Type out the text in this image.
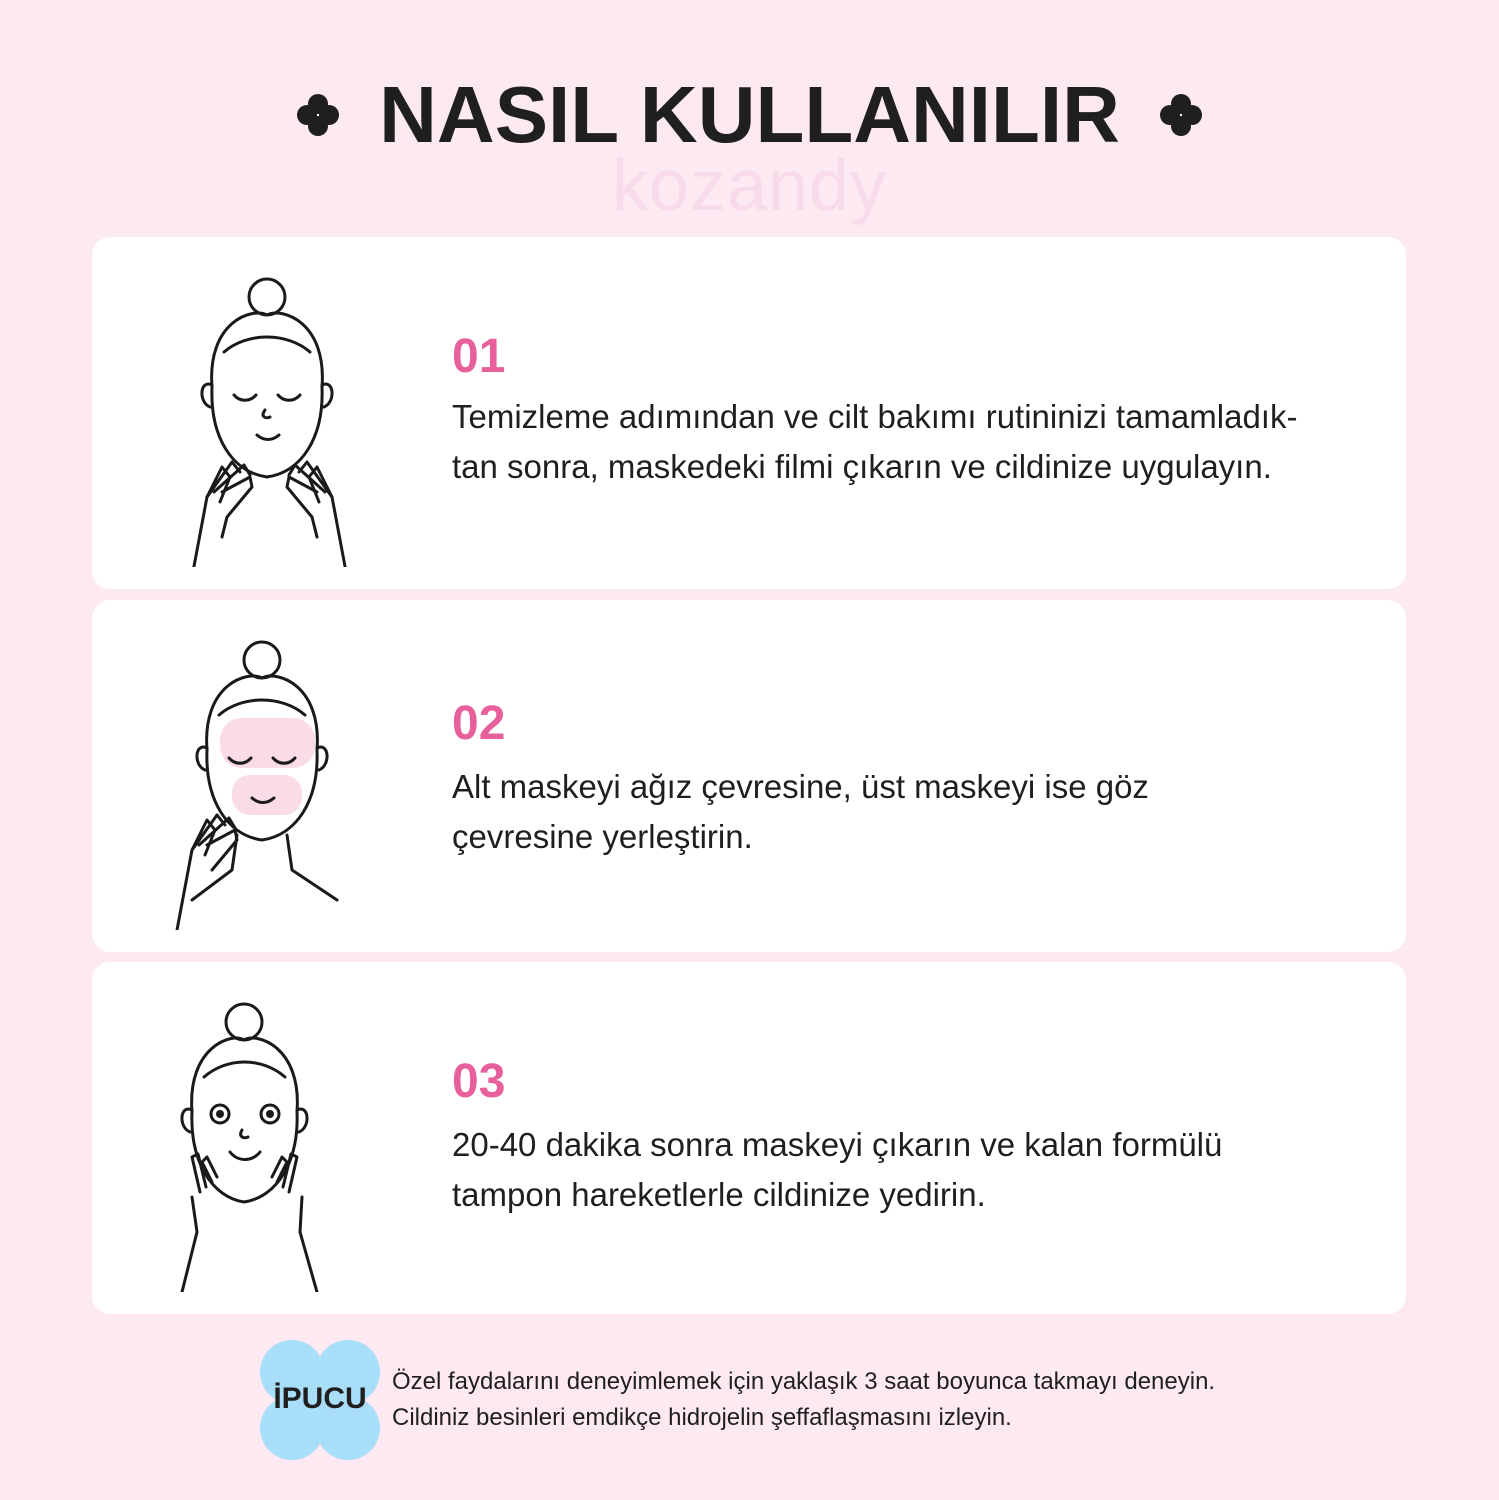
NASIL KULLANILIR
kozandy
01

Temizleme adımından ve cilt bakımı rutininizi tamamladık-
tan sonra, maskedeki filmi çıkarın ve cildinize uygulayın.

02

Alt maskeyi ağız çevresine, üst maskeyi ise göz
çevresine yerleştirin.

03

20-40 dakika sonra maskeyi çıkarın ve kalan formülü
tampon hareketlerle cildinize yedirin.

İPUCU

Özel faydalarını deneyimlemek için yaklaşık 3 saat boyunca takmayı deneyin.

Cildiniz besinleri emdikçe hidrojelin şeffaflaşmasını izleyin.
